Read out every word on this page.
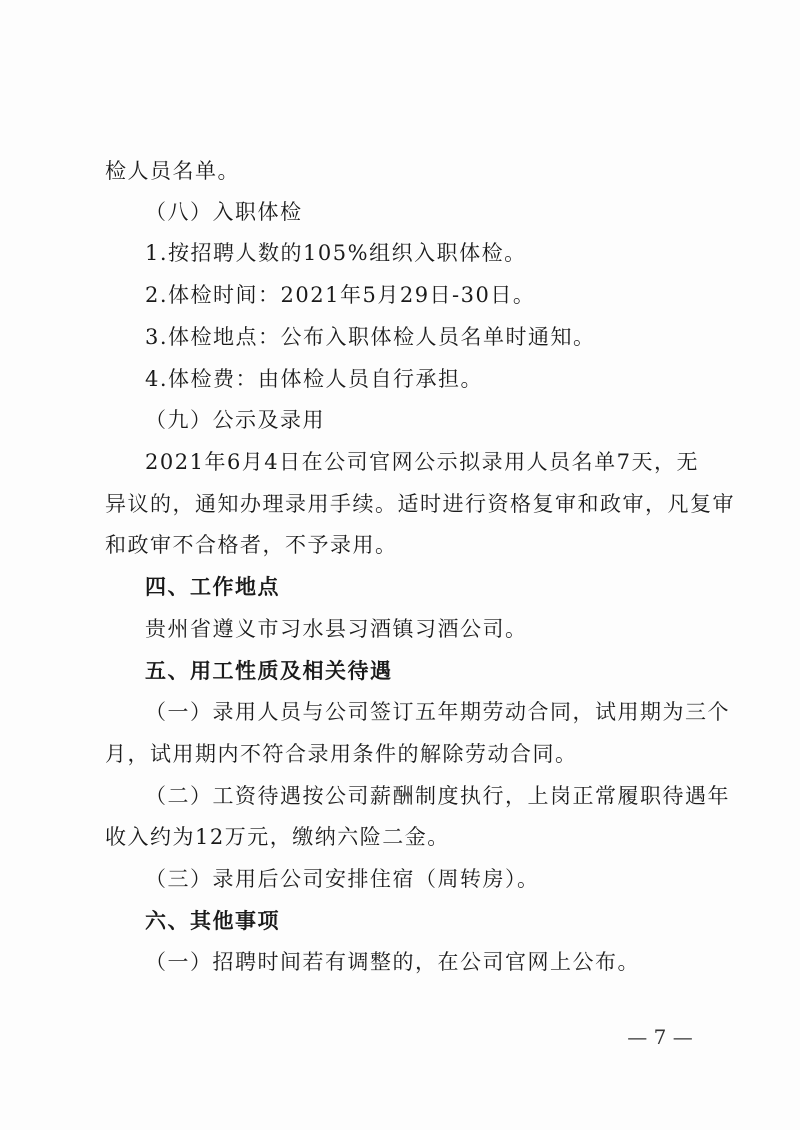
检人员名单。
（八）入职体检
1.按招聘人数的105%组织入职体检。
2.体检时间：2021年5月29日-30日。
3.体检地点：公布入职体检人员名单时通知。
4.体检费：由体检人员自行承担。
（九）公示及录用
2021年6月4日在公司官网公示拟录用人员名单7天，无
异议的，通知办理录用手续。适时进行资格复审和政审，凡复审
和政审不合格者，不予录用。
四、工作地点
贵州省遵义市习水县习酒镇习酒公司。
五、用工性质及相关待遇
（一）录用人员与公司签订五年期劳动合同，试用期为三个
月，试用期内不符合录用条件的解除劳动合同。
（二）工资待遇按公司薪酬制度执行，上岗正常履职待遇年
收入约为12万元，缴纳六险二金。
（三）录用后公司安排住宿（周转房）。
六、其他事项
（一）招聘时间若有调整的，在公司官网上公布。
— 7 —
